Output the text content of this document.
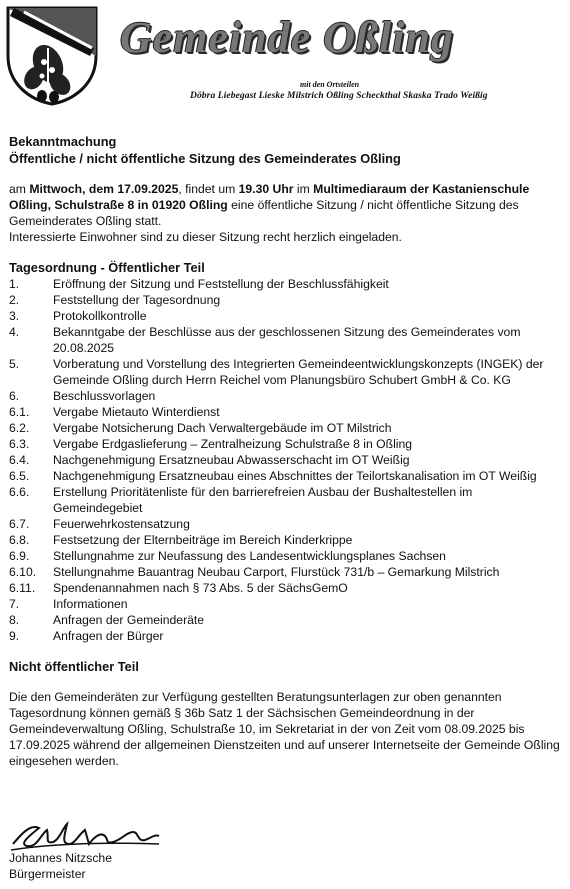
Gemeinde Oßling
mit den Ortsteilen
Döbra Liebegast Lieske Milstrich Oßling Scheckthal Skaska Trado Weißig
Bekanntmachung
Öffentliche / nicht öffentliche Sitzung des Gemeinderates Oßling

am Mittwoch, dem 17.09.2025, findet um 19.30 Uhr im Multimediaraum der Kastanienschule Oßling, Schulstraße 8 in 01920 Oßling eine öffentliche Sitzung / nicht öffentliche Sitzung des Gemeinderates Oßling statt.

Interessierte Einwohner sind zu dieser Sitzung recht herzlich eingeladen.

Tagesordnung - Öffentlicher Teil
1.	Eröffnung der Sitzung und Feststellung der Beschlussfähigkeit
2.	Feststellung der Tagesordnung
3.	Protokollkontrolle
4.	Bekanntgabe der Beschlüsse aus der geschlossenen Sitzung des Gemeinderates vom 20.08.2025
5.	Vorberatung und Vorstellung des Integrierten Gemeindeentwicklungskonzepts (INGEK) der Gemeinde Oßling durch Herrn Reichel vom Planungsbüro Schubert GmbH & Co. KG
6.	Beschlussvorlagen
6.1.	Vergabe Mietauto Winterdienst
6.2.	Vergabe Notsicherung Dach Verwaltergebäude im OT Milstrich
6.3.	Vergabe Erdgaslieferung – Zentralheizung Schulstraße 8 in Oßling
6.4.	Nachgenehmigung Ersatzneubau Abwasserschacht im OT Weißig
6.5.	Nachgenehmigung Ersatzneubau eines Abschnittes der Teilortskanalisation im OT Weißig
6.6.	Erstellung Prioritätenliste für den barrierefreien Ausbau der Bushaltestellen im Gemeindegebiet
6.7.	Feuerwehrkostensatzung
6.8.	Festsetzung der Elternbeiträge im Bereich Kinderkrippe
6.9.	Stellungnahme zur Neufassung des Landesentwicklungsplanes Sachsen
6.10.	Stellungnahme Bauantrag Neubau Carport, Flurstück 731/b – Gemarkung Milstrich
6.11.	Spendenannahmen nach § 73 Abs. 5 der SächsGemO
7.	Informationen
8.	Anfragen der Gemeinderäte
9.	Anfragen der Bürger
Nicht öffentlicher Teil

Die den Gemeinderäten zur Verfügung gestellten Beratungsunterlagen zur oben genannten Tagesordnung können gemäß § 36b Satz 1 der Sächsischen Gemeindeordnung in der Gemeindeverwaltung Oßling, Schulstraße 10, im Sekretariat in der von Zeit vom 08.09.2025 bis 17.09.2025 während der allgemeinen Dienstzeiten und auf unserer Internetseite der Gemeinde Oßling eingesehen werden.

Johannes Nitzsche
Bürgermeister
